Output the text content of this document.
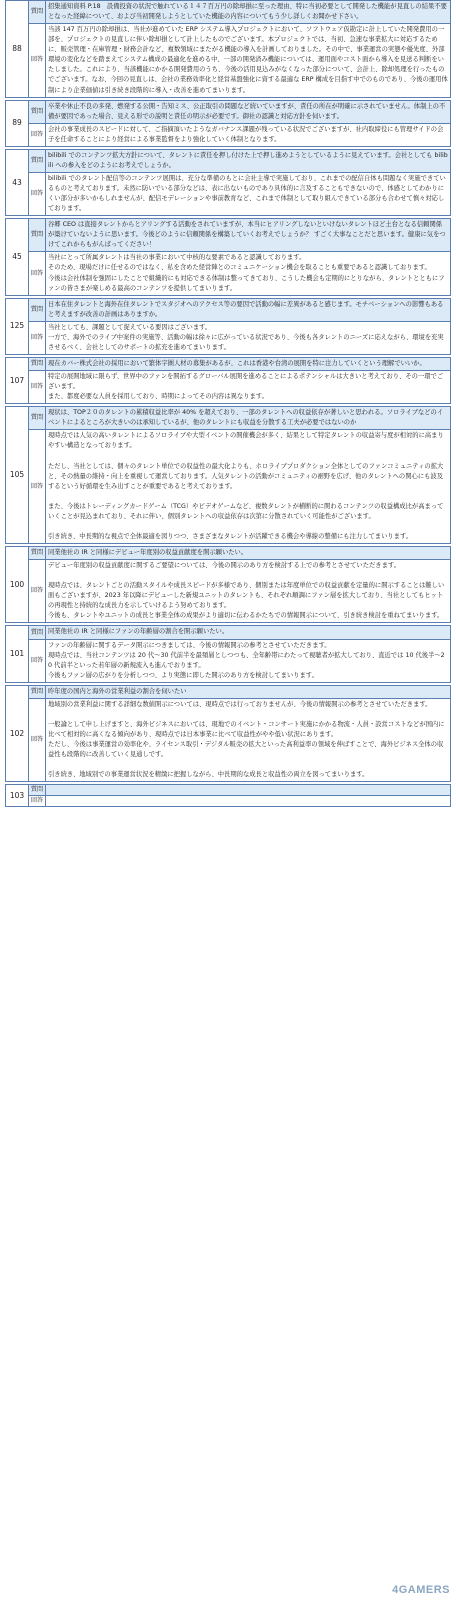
88	質問	招集通知資料 P.18　設備投資の状況で触れている１４７百万円の除却損に至った理由、特に当初必要として開発した機能が見直しの結果不要となった経緯について、および当初開発しようとしていた機能の内容についてもう少し詳しくお聞かせ下さい。
	回答	当該 147 百万円の除却損は、当社が進めていた ERP システム導入プロジェクトにおいて、ソフトウェア仮勘定に計上していた開発費用の一部を、プロジェクトの見直しに伴い除却損として計上したものでございます。本プロジェクトでは、当初、急速な事業拡大に対応するために、販売管理・在庫管理・財務会計など、複数領域にまたがる機能の導入を計画しておりました。その中で、事業運営の実態や優先度、外部環境の変化などを踏まえてシステム構成の最適化を進める中、一部の開発済み機能については、運用面やコスト面から導入を見送る判断をいたしました。これにより、当該機能にかかる開発費用のうち、今後の活用見込みがなくなった部分について、会計上、除却処理を行ったものでございます。なお、今回の見直しは、会社の業務効率化と経営基盤強化に資する最適な ERP 構成を目指す中でのものであり、今後の運用体制により企業価値は引き続き段階的に導入・改善を進めてまいります。
89	質問	卒業や休止不良の多発、燃発する公開・告知ミス、公正取引の問題など続いていますが、責任の所在が明確に示されていません。体制上の不備が要因であった場合、見える形での説明と責任の明示が必要です。御社の認識と対応方針を伺います。
	回答	会社の事業成長のスピードに対して、ご指摘頂いたようなガバナンス課題が残っている状況でございますが、社内取締役にも管理サイドの会子を任命することにより経営による事業監督をより強化していく体制となります。
43	質問	bilibili でのコンテンツ拡大方針について、タレントに責任を押し付けた上で押し進めようとしているように見えています。会社としても bilibili への参入をどのようにお考えでしょうか。
	回答	bilibili でのタレント配信等のコンテンツ展開は、充分な準備のもとに会社主導で実施しており、これまでの配信自体も問題なく実施できているものと考えております。未然に防いでいる部分などは、表に出ないものであり具体的に言及することもできないので、体感としてわかりにくい部分が多いかもしれませんが、配信モデレーションや事前教育など、これまで体制として取り組んできている部分も合わせて慎々対応しております。
45	質問	谷郷 CEO は直接タレントからとアリングする活動をされていますが、本当にヒアリングしないといけないタレントほど土台となる信頼関係が築けていないように思います。今後どのように信頼関係を構築していくお考えでしょうか？ すごく大事なことだと思います。健康に気をつけてこれからもがんばってください！
	回答	当社にとって所属タレントは当社の事業において中核的な要素であると認識しております。
そのため、現場だけに任せるのではなく、私を含めた経営陣とのコミュニケーション機会を取ることも重要であると認識しております。
今後は会社体制を強固にしたことで組織的にも対応できる体制は整ってきており、こうした機会も定期的にとりながら、タレントとともにファンの皆さまが楽しめる最高のコンテンツを提供してまいります。
125	質問	日本在住タレントと海外在住タレントでスタジオへのアクセス等の要因で活動の幅に差異があると感じます。モチベーションへの影響もあると考えますが改善の計画はありますか。
	回答	当社としても、課題として捉えている要因はございます。
一方で、海外でのライブ中案件の実施等、活動の幅は徐々に広がっている状況であり、今後も各タレントのニーズに応えながら、環境を充実させるべく、会社としてのサポートの拡充を進めてまいります。
107	質問	現在カバー株式会社の採用において繁体字圏人材の募集があるが、これは香港や台湾の展開を特に注力していくという理解でいいか。
	回答	特定の展開地域に限らず、世界中のファンを開拓するグローバル展開を進めることによるポテンシャルは大きいと考えており、その一環でございます。
また、都度必要な人員を採用しており、時期によってその内容は異なります。
105	質問	現状は、TOP２０のタレントの累積収益比率が 40% を超えており、一部のタレントへの収益依存が著しいと思われる。ソロライブなどのイベントによるところが大きいのは承知しているが、他のタレントにも収益を分散する工夫が必要ではないのか
	回答	現時点では人気の高いタレントによるソロライブや大型イベントの開催機会が多く、結果として特定タレントの収益寄与度が相対的に高まりやすい構造となっております。

ただし、当社としては、個々のタレント単位での収益性の最大化よりも、ホロライブプロダクション全体としてのファンコミュニティの拡大と、その熱量の維持・向上を重視して運営しております。人気タレントの活動がコミュニティの裾野を広げ、他のタレントへの関心にも波及するという好循環を生み出すことが重要であると考えております。

また、今後はトレーディングカードゲーム（TCG）やビデオゲームなど、複数タレントが横断的に関わるコンテンツの収益構成比が高まっていくことが見込まれており、それに伴い、個別タレントへの収益依存は次第に分散されていく可能性がございます。

引き続き、中長期的な視点で全体最適を図りつつ、さまざまなタレントが活躍できる機会や導線の整備にも注力してまいります。
100	質問	同業他社の IR と同様にデビュー年度別の収益貢献度を開示願いたい。
	回答	デビュー年度別の収益貢献度に関するご要望については、今後の開示のあり方を検討する上での参考とさせていただきます。

現時点では、タレントごとの活動スタイルや成長スピードが多様であり、個別または年度単位での収益貢献を定量的に開示することは難しい面もございますが、2023 年以降にデビューした新規ユニットのタレントも、それぞれ順調にファン層を拡大しており、当社としてもヒットの再現性と持続的な成長力を示していけるよう努めております。
今後も、タレントやユニットの成長と事業全体の成果がより適切に伝わるかたちでの情報開示について、引き続き検討を重ねてまいります。
101	質問	同業他社の IR と同様にファンの年齢層の割合を開示願いたい。
	回答	ファンの年齢層に関するデータ開示につきましては、今後の情報開示の参考とさせていただきます。
現時点では、当社コンテンツは 20 代〜30 代前半を最頻層としつつも、全年齢帯にわたって視聴者が拡大しており、直近では 10 代後半〜20 代前半といった若年層の新規流入も進んでおります。
今後もファン層の広がりを分析しつつ、より実態に即した開示のあり方を検討してまいります。
102	質問	昨年度の国内と海外の営業利益の割合を伺いたい
	回答	地域別の営業利益に関する詳細な数値開示については、現時点では行っておりませんが、今後の情報開示の参考とさせていただきます。

一般論として申し上げますと、海外ビジネスにおいては、現地でのイベント・コンサート実施にかかる物流・人員・設営コストなどが国内に比べて相対的に高くなる傾向があり、現時点では日本事業に比べて収益性がやや低い状況にあります。
ただし、今後は事業運営の効率化や、ライセンス取引・デジタル販売の拡大といった高利益率の領域を伸ばすことで、海外ビジネス全体の収益性も段階的に改善していく見通しです。

引き続き、地域別での事業運営状況を精緻に把握しながら、中長期的な成長と収益性の両立を図ってまいります。
103	質問	
	回答	
4GAMERS
